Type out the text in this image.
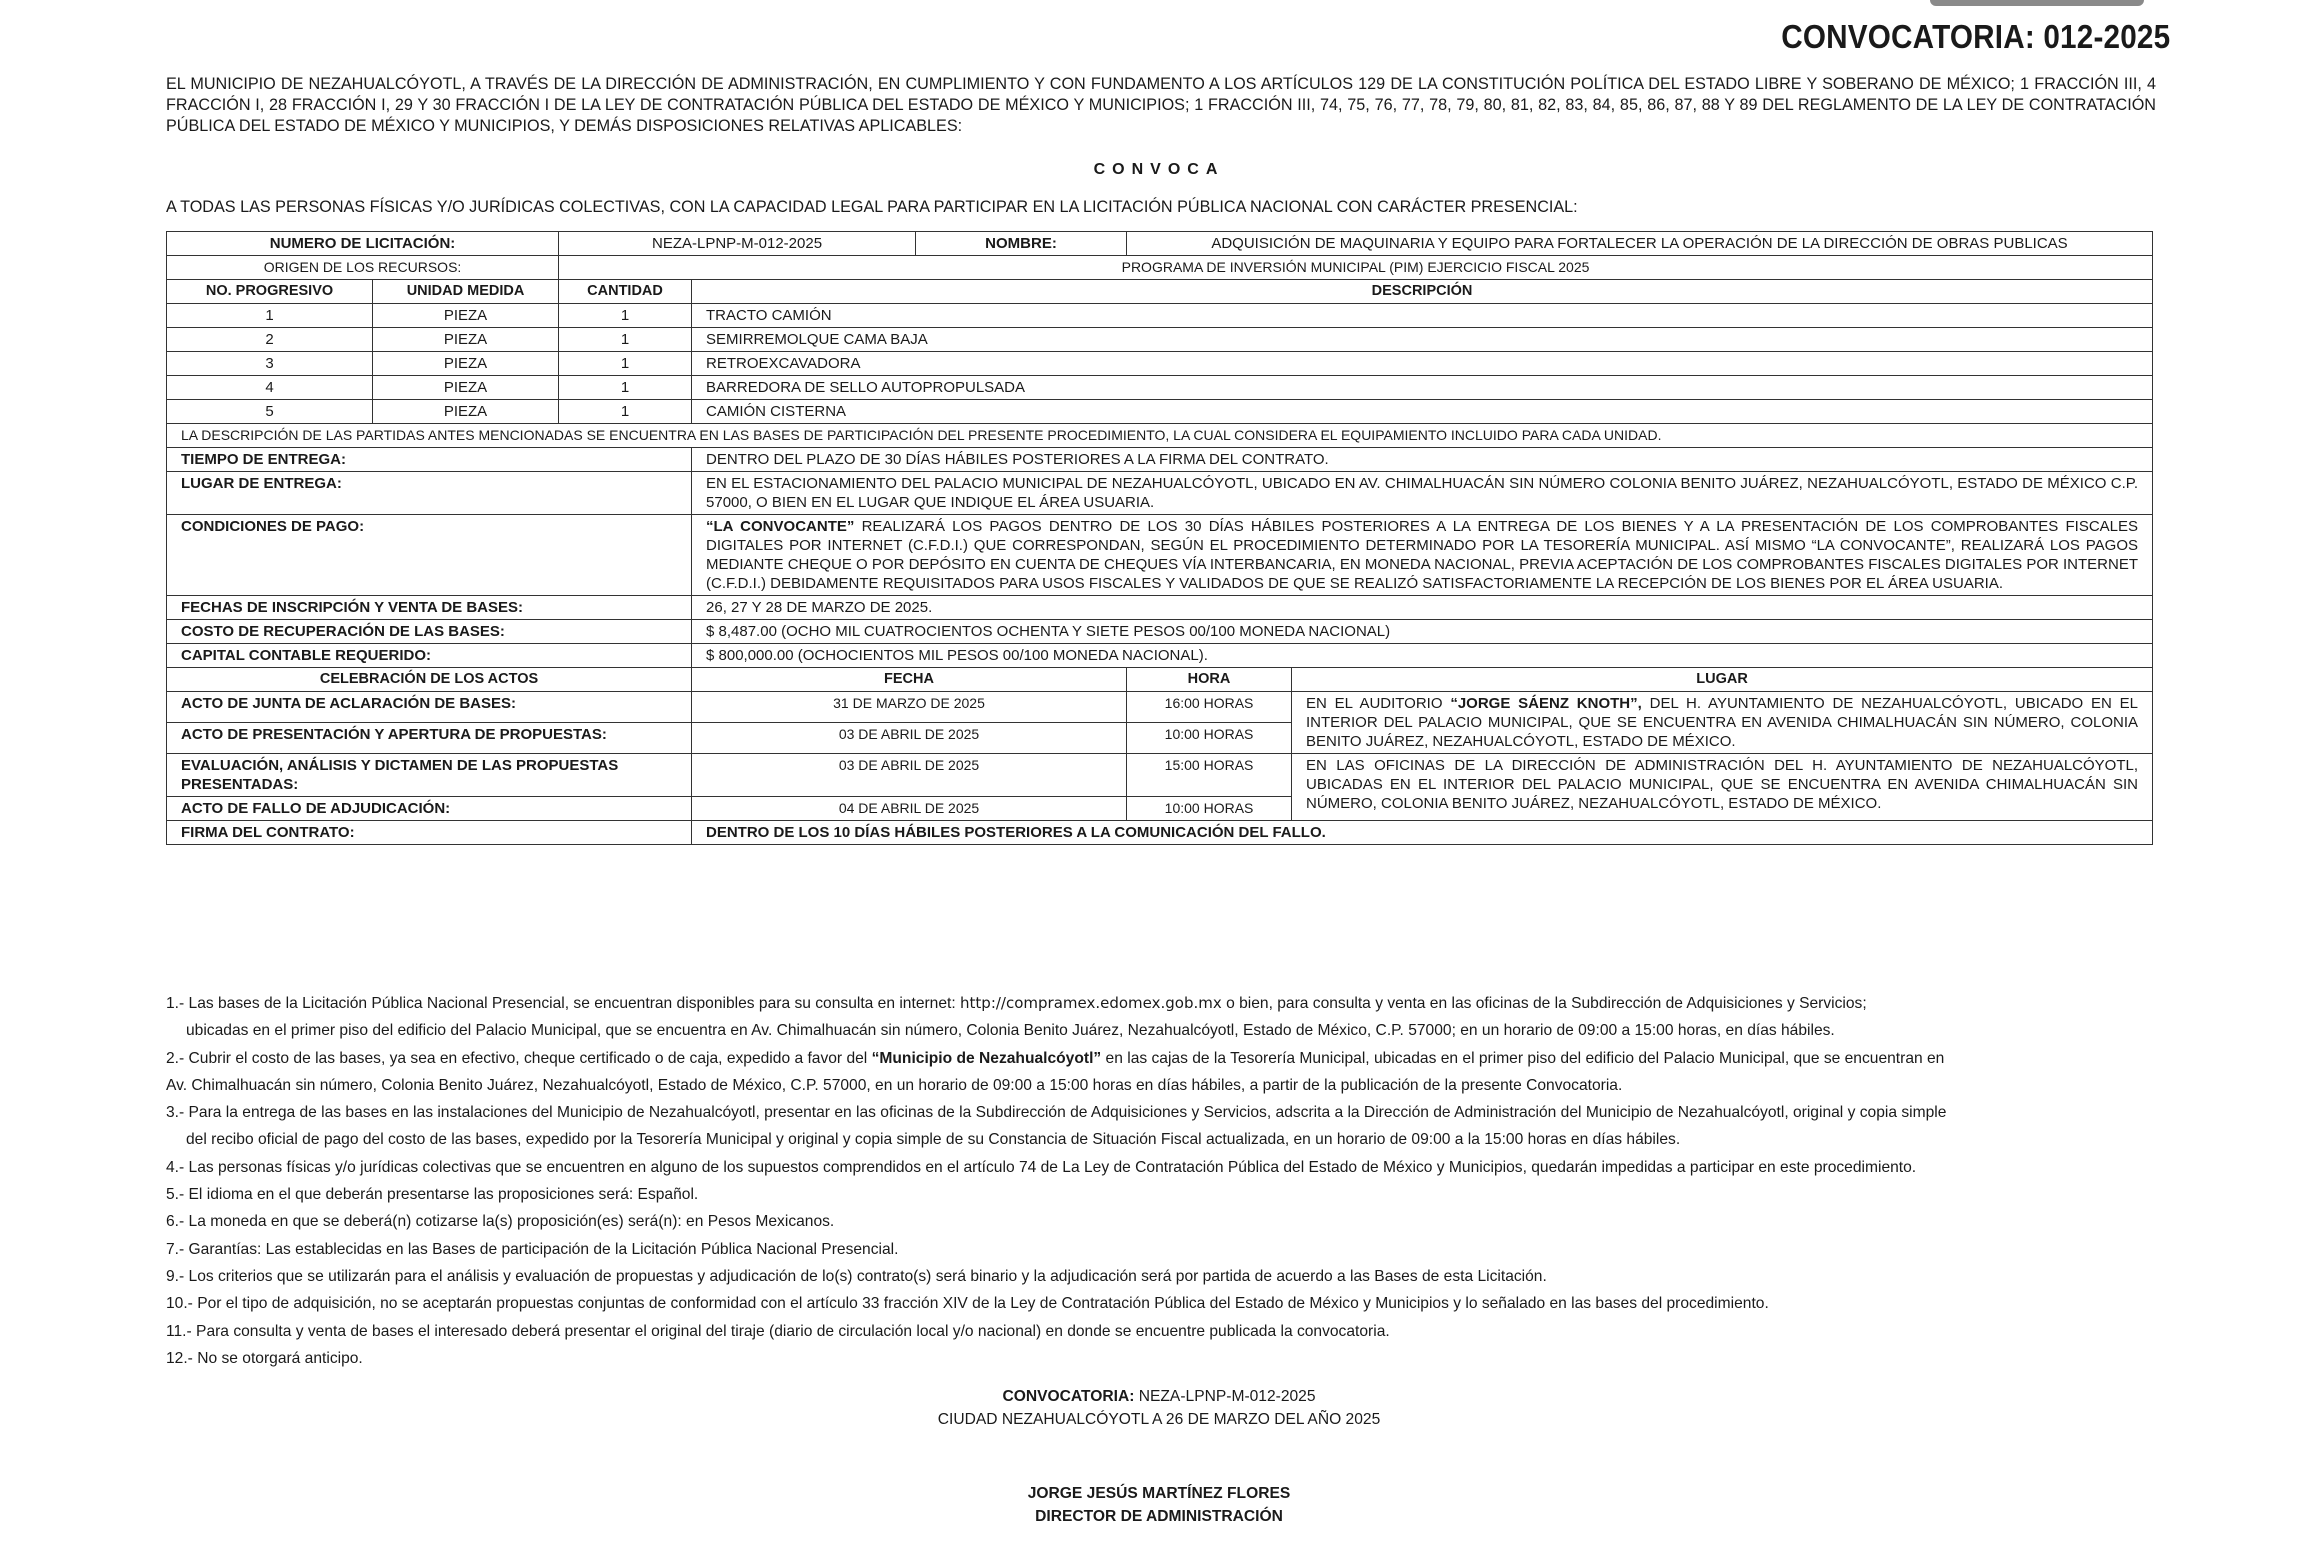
CONVOCATORIA: 012-2025
EL MUNICIPIO DE NEZAHUALCÓYOTL, A TRAVÉS DE LA DIRECCIÓN DE ADMINISTRACIÓN, EN CUMPLIMIENTO Y CON FUNDAMENTO A LOS ARTÍCULOS 129 DE LA CONSTITUCIÓN POLÍTICA DEL ESTADO LIBRE Y SOBERANO DE MÉXICO; 1 FRACCIÓN III, 4 FRACCIÓN I, 28 FRACCIÓN I, 29 Y 30 FRACCIÓN I DE LA LEY DE CONTRATACIÓN PÚBLICA DEL ESTADO DE MÉXICO Y MUNICIPIOS; 1 FRACCIÓN III, 74, 75, 76, 77, 78, 79, 80, 81, 82, 83, 84, 85, 86, 87, 88 Y 89 DEL REGLAMENTO DE LA LEY DE CONTRATACIÓN PÚBLICA DEL ESTADO DE MÉXICO Y MUNICIPIOS, Y DEMÁS DISPOSICIONES RELATIVAS APLICABLES:
CONVOCA
A TODAS LAS PERSONAS FÍSICAS Y/O JURÍDICAS COLECTIVAS, CON LA CAPACIDAD LEGAL PARA PARTICIPAR EN LA LICITACIÓN PÚBLICA NACIONAL CON CARÁCTER PRESENCIAL:
NUMERO DE LICITACIÓN:		NEZA-LPNP-M-012-2025		NOMBRE:	ADQUISICIÓN DE MAQUINARIA Y EQUIPO PARA FORTALECER LA OPERACIÓN DE LA DIRECCIÓN DE OBRAS PUBLICAS	
ORIGEN DE LOS RECURSOS:		PROGRAMA DE INVERSIÓN MUNICIPAL (PIM) EJERCICIO FISCAL 2025				
NO. PROGRESIVO	UNIDAD MEDIDA	CANTIDAD	DESCRIPCIÓN			
1	PIEZA	1	TRACTO CAMIÓN			
2	PIEZA	1	SEMIRREMOLQUE CAMA BAJA			
3	PIEZA	1	RETROEXCAVADORA			
4	PIEZA	1	BARREDORA DE SELLO AUTOPROPULSADA			
5	PIEZA	1	CAMIÓN CISTERNA			
LA DESCRIPCIÓN DE LAS PARTIDAS ANTES MENCIONADAS SE ENCUENTRA EN LAS BASES DE PARTICIPACIÓN DEL PRESENTE PROCEDIMIENTO, LA CUAL CONSIDERA EL EQUIPAMIENTO INCLUIDO PARA CADA UNIDAD.						
TIEMPO DE ENTREGA:			DENTRO DEL PLAZO DE 30 DÍAS HÁBILES POSTERIORES A LA FIRMA DEL CONTRATO.			
LUGAR DE ENTREGA:			EN EL ESTACIONAMIENTO DEL PALACIO MUNICIPAL DE NEZAHUALCÓYOTL, UBICADO EN AV. CHIMALHUACÁN SIN NÚMERO COLONIA BENITO JUÁREZ, NEZAHUALCÓYOTL, ESTADO DE MÉXICO C.P. 57000, O BIEN EN EL LUGAR QUE INDIQUE EL ÁREA USUARIA.			
CONDICIONES DE PAGO:			“LA CONVOCANTE” REALIZARÁ LOS PAGOS DENTRO DE LOS 30 DÍAS HÁBILES POSTERIORES A LA ENTREGA DE LOS BIENES Y A LA PRESENTACIÓN DE LOS COMPROBANTES FISCALES DIGITALES POR INTERNET (C.F.D.I.) QUE CORRESPONDAN, SEGÚN EL PROCEDIMIENTO DETERMINADO POR LA TESORERÍA MUNICIPAL. ASÍ MISMO “LA CONVOCANTE”, REALIZARÁ LOS PAGOS MEDIANTE CHEQUE O POR DEPÓSITO EN CUENTA DE CHEQUES VÍA INTERBANCARIA, EN MONEDA NACIONAL, PREVIA ACEPTACIÓN DE LOS COMPROBANTES FISCALES DIGITALES POR INTERNET (C.F.D.I.) DEBIDAMENTE REQUISITADOS PARA USOS FISCALES Y VALIDADOS DE QUE SE REALIZÓ SATISFACTORIAMENTE LA RECEPCIÓN DE LOS BIENES POR EL ÁREA USUARIA.			
FECHAS DE INSCRIPCIÓN Y VENTA DE BASES:			26, 27 Y 28 DE MARZO DE 2025.			
COSTO DE RECUPERACIÓN DE LAS BASES:			$ 8,487.00 (OCHO MIL CUATROCIENTOS OCHENTA Y SIETE PESOS 00/100 MONEDA NACIONAL)			
CAPITAL CONTABLE REQUERIDO:			$ 800,000.00 (OCHOCIENTOS MIL PESOS 00/100 MONEDA NACIONAL).			
CELEBRACIÓN DE LOS ACTOS			FECHA		HORA	LUGAR
ACTO DE JUNTA DE ACLARACIÓN DE BASES:			31 DE MARZO DE 2025		16:00 HORAS	EN EL AUDITORIO “JORGE SÁENZ KNOTH”, DEL H. AYUNTAMIENTO DE NEZAHUALCÓYOTL, UBICADO EN EL INTERIOR DEL PALACIO MUNICIPAL, QUE SE ENCUENTRA EN AVENIDA CHIMALHUACÁN SIN NÚMERO, COLONIA BENITO JUÁREZ, NEZAHUALCÓYOTL, ESTADO DE MÉXICO.
ACTO DE PRESENTACIÓN Y APERTURA DE PROPUESTAS:			03 DE ABRIL DE 2025		10:00 HORAS	
EVALUACIÓN, ANÁLISIS Y DICTAMEN DE LAS PROPUESTAS PRESENTADAS:			03 DE ABRIL DE 2025		15:00 HORAS	EN LAS OFICINAS DE LA DIRECCIÓN DE ADMINISTRACIÓN DEL H. AYUNTAMIENTO DE NEZAHUALCÓYOTL, UBICADAS EN EL INTERIOR DEL PALACIO MUNICIPAL, QUE SE ENCUENTRA EN AVENIDA CHIMALHUACÁN SIN NÚMERO, COLONIA BENITO JUÁREZ, NEZAHUALCÓYOTL, ESTADO DE MÉXICO.
ACTO DE FALLO DE ADJUDICACIÓN:			04 DE ABRIL DE 2025		10:00 HORAS	
FIRMA DEL CONTRATO:			DENTRO DE LOS 10 DÍAS HÁBILES POSTERIORES A LA COMUNICACIÓN DEL FALLO.			
1.- Las bases de la Licitación Pública Nacional Presencial, se encuentran disponibles para su consulta en internet: http://compramex.edomex.gob.mx o bien, para consulta y venta en las oficinas de la Subdirección de Adquisiciones y Servicios;
ubicadas en el primer piso del edificio del Palacio Municipal, que se encuentra en Av. Chimalhuacán sin número, Colonia Benito Juárez, Nezahualcóyotl, Estado de México, C.P. 57000; en un horario de 09:00 a 15:00 horas, en días hábiles.
2.- Cubrir el costo de las bases, ya sea en efectivo, cheque certificado o de caja, expedido a favor del “Municipio de Nezahualcóyotl” en las cajas de la Tesorería Municipal, ubicadas en el primer piso del edificio del Palacio Municipal, que se encuentran en
Av. Chimalhuacán sin número, Colonia Benito Juárez, Nezahualcóyotl, Estado de México, C.P. 57000, en un horario de 09:00 a 15:00 horas en días hábiles, a partir de la publicación de la presente Convocatoria.
3.- Para la entrega de las bases en las instalaciones del Municipio de Nezahualcóyotl, presentar en las oficinas de la Subdirección de Adquisiciones y Servicios, adscrita a la Dirección de Administración del Municipio de Nezahualcóyotl, original y copia simple
del recibo oficial de pago del costo de las bases, expedido por la Tesorería Municipal y original y copia simple de su Constancia de Situación Fiscal actualizada, en un horario de 09:00 a la 15:00 horas en días hábiles.
4.- Las personas físicas y/o jurídicas colectivas que se encuentren en alguno de los supuestos comprendidos en el artículo 74 de La Ley de Contratación Pública del Estado de México y Municipios, quedarán impedidas a participar en este procedimiento.
5.- El idioma en el que deberán presentarse las proposiciones será: Español.
6.- La moneda en que se deberá(n) cotizarse la(s) proposición(es) será(n): en Pesos Mexicanos.
7.- Garantías: Las establecidas en las Bases de participación de la Licitación Pública Nacional Presencial.
9.- Los criterios que se utilizarán para el análisis y evaluación de propuestas y adjudicación de lo(s) contrato(s) será binario y la adjudicación será por partida de acuerdo a las Bases de esta Licitación.
10.- Por el tipo de adquisición, no se aceptarán propuestas conjuntas de conformidad con el artículo 33 fracción XIV de la Ley de Contratación Pública del Estado de México y Municipios y lo señalado en las bases del procedimiento.
11.- Para consulta y venta de bases el interesado deberá presentar el original del tiraje (diario de circulación local y/o nacional) en donde se encuentre publicada la convocatoria.
12.- No se otorgará anticipo.
CONVOCATORIA: NEZA-LPNP-M-012-2025
CIUDAD NEZAHUALCÓYOTL A 26 DE MARZO DEL AÑO 2025
JORGE JESÚS MARTÍNEZ FLORES
DIRECTOR DE ADMINISTRACIÓN
